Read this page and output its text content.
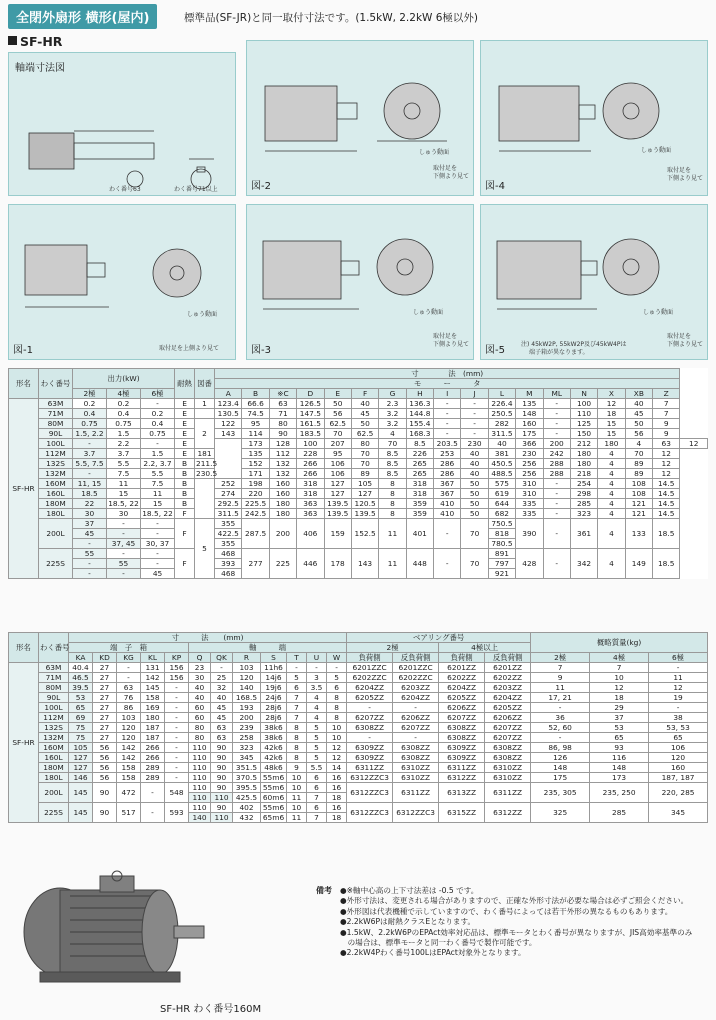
全閉外扇形 横形(屋内)	標準品(SF-JR)と同一取付寸法です。(1.5kW, 2.2kW 6極以外)
SF-HR
軸端寸法図
わく番号63	わく番号71以上
しゅう動面
取付足を
下側より見て
図-2
しゅう動面
取付足を
下側より見て
図-4
しゅう動面
取付足を上側より見て
図-1
しゅう動面
取付足を
下側より見て
図-3
注) 45kW2P, 55kW2P及び45kW4Pは
端子箱が異なります。
しゅう動面
取付足を
下側より見て
図-5
形名	わく番号	出力(kW)			耐熱	図番	寸　　　　法　(mm)																	
							モ　　　ー　　　タ																	
		2極	4極	6極			A	B	※C	D	E	F	G	H	I	J	L	M	ML	N	X	XB	Z	
SF-HR	63M	0.2	0.2	-	E	1	123.4	66.6	63	126.5	50	40	2.3	136.3	-	-	226.4	135	-	100	12	40	7	
	71M	0.4	0.4	0.2	E		130.5	74.5	71	147.5	56	45	3.2	144.8	-	-	250.5	148	-	110	18	45	7	
	80M	0.75	0.75	0.4	E	2	122	95	80	161.5	62.5	50	3.2	155.4	-	-	282	160	-	125	15	50	9	
	90L	1.5, 2.2	1.5	0.75	E		143	114	90	183.5	70	62.5	4	168.3	-	-	311.5	175	-	150	15	56	9	
	100L	-	2.2	-	E			173	128	100	207	80	70	8.5	203.5	230	40	366	200	212	180	4	63	12
	112M	3.7	3.7	1.5	E	181		135	112	228	95	70	8.5	226	253	40	381	230	242	180	4	70	12	
	132S	5.5, 7.5	5.5	2.2, 3.7	B	211.5		152	132	266	106	70	8.5	265	286	40	450.5	256	288	180	4	89	12	
	132M	-	7.5	5.5	B	230.5		171	132	266	106	89	8.5	265	286	40	488.5	256	288	218	4	89	12	
	160M	11, 15	11	7.5	B		252	198	160	318	127	105	8	318	367	50	575	310	-	254	4	108	14.5	
	160L	18.5	15	11	B		274	220	160	318	127	127	8	318	367	50	619	310	-	298	4	108	14.5	
	180M	22	18.5, 22	15	B		292.5	225.5	180	363	139.5	120.5	8	359	410	50	644	335	-	285	4	121	14.5	
	180L	30	30	18.5, 22	F		311.5	242.5	180	363	139.5	139.5	8	359	410	50	682	335	-	323	4	121	14.5	
	200L	37	-	-	F	5	355	287.5	200	406	159	152.5	11	401	-	70	750.5	390	-	361	4	133	18.5	

		45	-	-			422.5										818							

		-	37, 45	30, 37			355										780.5							

	225S	55	-	-	F		468	277	225	446	178	143	11	448	-	70	891	428	-	342	4	149	18.5	

		-	55	-			393										797							

		-	-	45			468										921							

形名	わく番号	寸　　　法　　(mm)												ベアリング番号				概略質量(kg)		
		端　子　箱					軸　　　端							2極		4極以上				
		KA	KD	KG	KL	KP	Q	QK	R	S	T	U	W	負荷側	反負荷側	負荷側	反負荷側	2極	4極	6極
SF-HR	63M	40.4	27	-	131	156	23	-	103	11h6	-	-	-	6201ZZC	6201ZZC	6201ZZ	6201ZZ	7	7	-
	71M	46.5	27	-	142	156	30	25	120	14j6	5	3	5	6202ZZC	6202ZZC	6202ZZ	6202ZZ	9	10	11
	80M	39.5	27	63	145	-	40	32	140	19j6	6	3.5	6	6204ZZ	6203ZZ	6204ZZ	6203ZZ	11	12	12
	90L	53	27	76	158	-	40	40	168.5	24j6	7	4	8	6205ZZ	6204ZZ	6205ZZ	6204ZZ	17, 21	18	19
	100L	65	27	86	169	-	60	45	193	28j6	7	4	8	-	-	6206ZZ	6205ZZ	-	29	-
	112M	69	27	103	180	-	60	45	200	28j6	7	4	8	6207ZZ	6206ZZ	6207ZZ	6206ZZ	36	37	38
	132S	75	27	120	187	-	80	63	239	38k6	8	5	10	6308ZZ	6207ZZ	6308ZZ	6207ZZ	52, 60	53	53, 53
	132M	75	27	120	187	-	80	63	258	38k6	8	5	10	-	-	6308ZZ	6207ZZ	-	65	65
	160M	105	56	142	266	-	110	90	323	42k6	8	5	12	6309ZZ	6308ZZ	6309ZZ	6308ZZ	86, 98	93	106
	160L	127	56	142	266	-	110	90	345	42k6	8	5	12	6309ZZ	6308ZZ	6309ZZ	6308ZZ	126	116	120
	180M	127	56	158	289	-	110	90	351.5	48k6	9	5.5	14	6311ZZ	6310ZZ	6311ZZ	6310ZZ	148	148	160
	180L	146	56	158	289	-	110	90	370.5	55m6	10	6	16	6312ZZC3	6310ZZ	6312ZZ	6310ZZ	175	173	187, 187
	200L	145	90	472	-	548	110	90	395.5	55m6	10	6	16	6312ZZC3	6311ZZ	6313ZZ	6311ZZ	235, 305	235, 250	220, 285
							110	110	425.5	60m6	11	7	18							
	225S	145	90	517	-	593	110	90	402	55m6	10	6	16	6312ZZC3	6312ZZC3	6315ZZ	6312ZZ	325	285	345
							140	110	432	65m6	11	7	18							
SF-HR わく番号160M
備考 ●※軸中心高の上下寸法差は -0.5 です。
●外形寸法は、変更される場合がありますので、正確な外形寸法が必要な場合は必ずご照会ください。
●外形図は代表機種で示していますので、わく番号によっては若干外形の異なるものもあります。
●2.2kW6Pは耐熱クラスEとなります。
●1.5kW、2.2kW6PのEPAct効率対応品は、標準モータとわく番号が異なりますが、JIS高効率基準のみ
　の場合は、標準モータと同一わく番号で製作可能です。
●2.2kW4Pわく番号100LはEPAct対象外となります。
